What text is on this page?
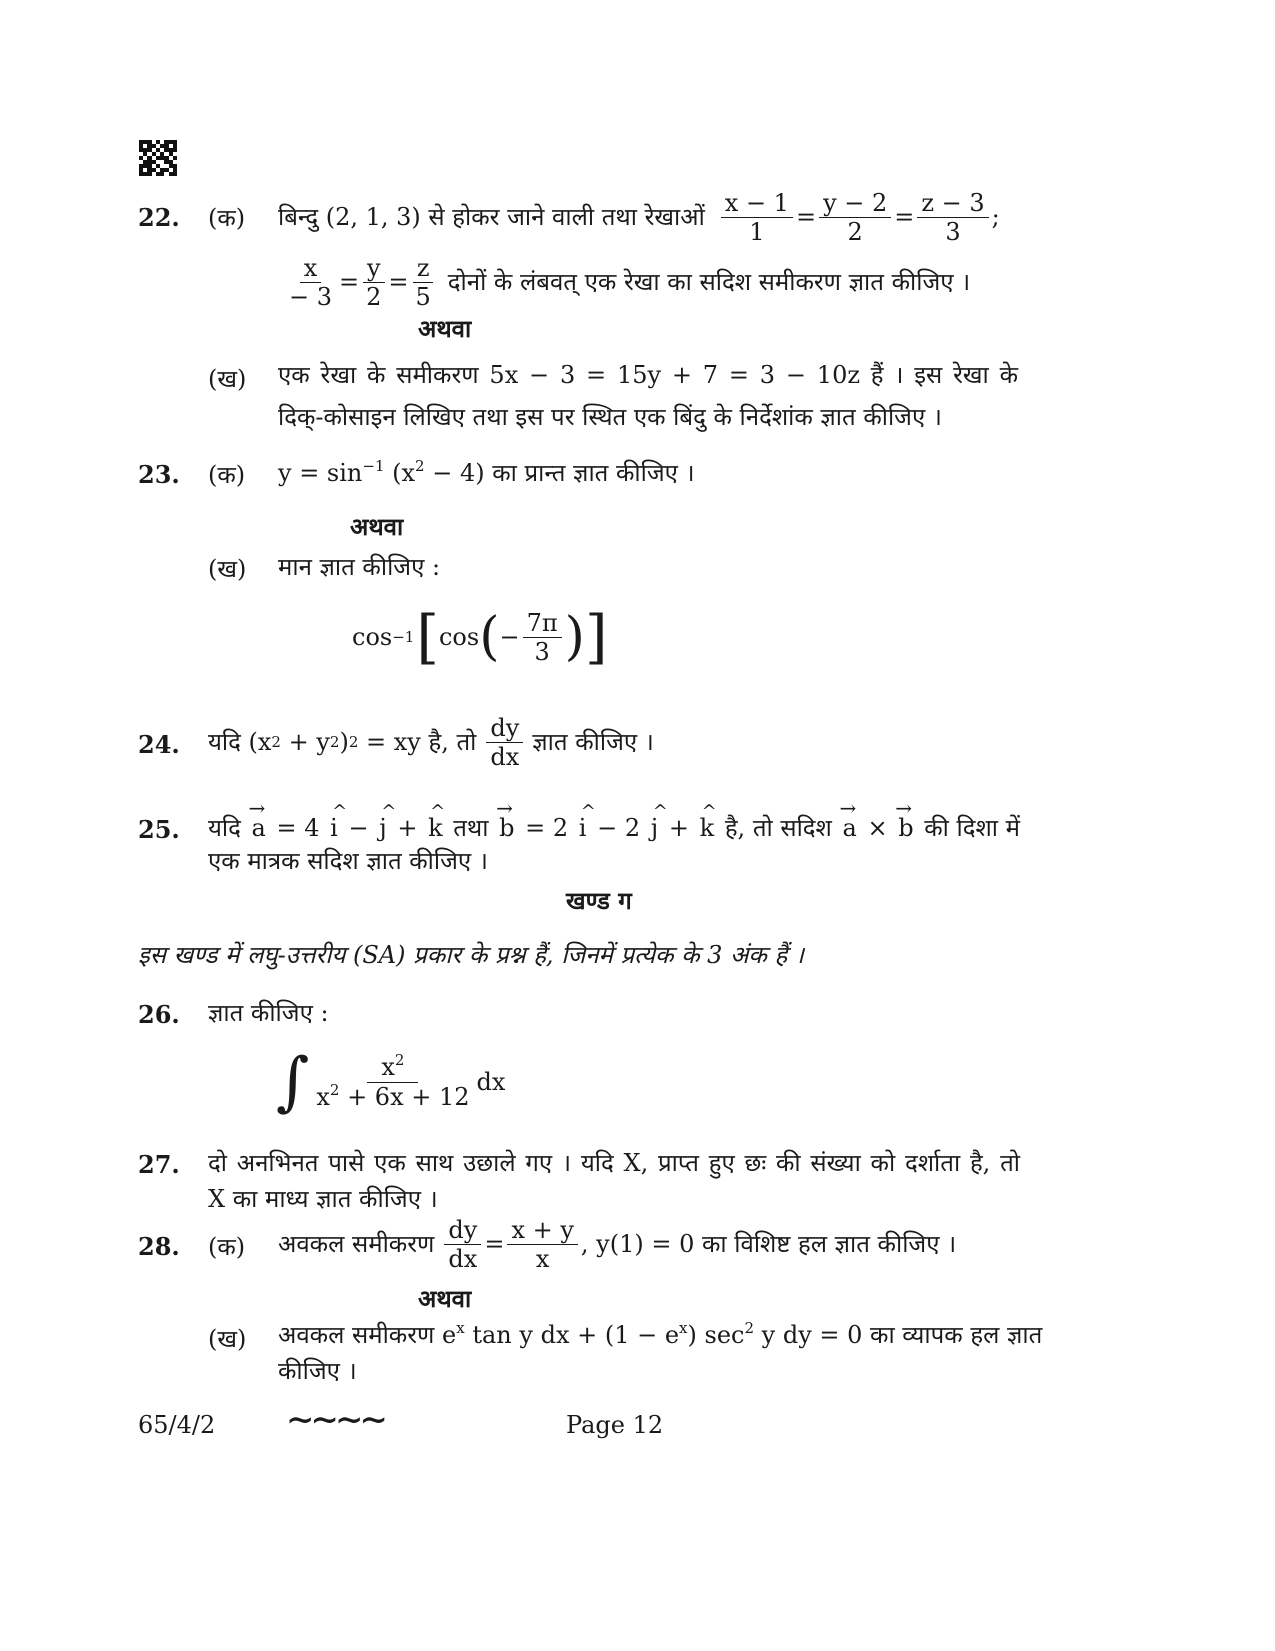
22. (क) बिन्दु (2, 1, 3) से होकर जाने वाली तथा रेखाओं $\frac{x - 1}{1} = \frac{y - 2}{2} = \frac{z - 3}{3}$ ;
$\frac{x}{- 3} = \frac{y}{2} = \frac{z}{5}$ दोनों के लंबवत् एक रेखा का सदिश समीकरण ज्ञात कीजिए ।
अथवा
(ख) एक रेखा के समीकरण 5x − 3 = 15y + 7 = 3 − 10z हैं । इस रेखा के
दिक्-कोसाइन लिखिए तथा इस पर स्थित एक बिंदु के निर्देशांक ज्ञात कीजिए ।
23. (क) $y = \sin^{-1} (x^2 - 4)$ का प्रान्त ज्ञात कीजिए ।
अथवा
(ख) मान ज्ञात कीजिए :
cos −1 [ cos ( − $\frac{7\pi}{3}$ ) ]
24. यदि (x 2 + y 2 ) 2 = xy है, तो $\frac{dy}{dx}$ ज्ञात कीजिए ।
25. यदि → a = 4 ^ i − ^ j + ^ k तथा → b = 2 ^ i − 2 ^ j + ^ k है, तो सदिश → a × → b की दिशा में
एक मात्रक सदिश ज्ञात कीजिए ।
खण्ड ग
इस खण्ड में लघु-उत्तरीय (SA) प्रकार के प्रश्न हैं, जिनमें प्रत्येक के 3 अंक हैं ।
26. ज्ञात कीजिए :
∫ $\frac{x^2}{x^2 + 6x + 12}$ dx
27. दो अनभिनत पासे एक साथ उछाले गए । यदि X, प्राप्त हुए छः की संख्या को दर्शाता है, तो
X का माध्य ज्ञात कीजिए ।
28. (क) अवकल समीकरण $\frac{dy}{dx} = \frac{x + y}{x}$ , y(1) = 0 का विशिष्ट हल ज्ञात कीजिए ।
अथवा
(ख) अवकल समीकरण $e^x$ tan y dx + $(1 - e^x)$ $\sec^2 y$ dy = 0 का व्यापक हल ज्ञात
कीजिए ।
65/4/2 ∼∼∼∼	Page 12
